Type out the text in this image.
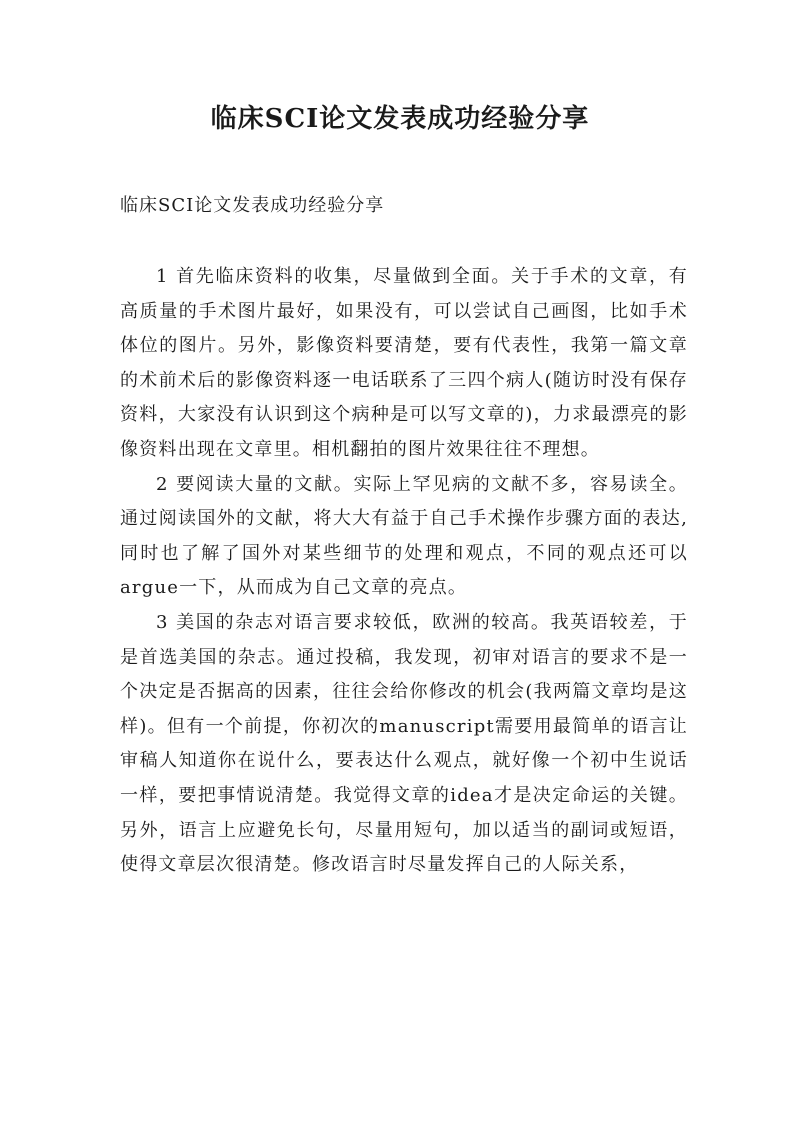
临床SCI论文发表成功经验分享

临床SCI论文发表成功经验分享

1 首先临床资料的收集，尽量做到全面。关于手术的文章，有高质量的手术图片最好，如果没有，可以尝试自己画图，比如手术体位的图片。另外，影像资料要清楚，要有代表性，我第一篇文章的术前术后的影像资料逐一电话联系了三四个病人(随访时没有保存资料，大家没有认识到这个病种是可以写文章的)，力求最漂亮的影像资料出现在文章里。相机翻拍的图片效果往往不理想。

2 要阅读大量的文献。实际上罕见病的文献不多，容易读全。通过阅读国外的文献，将大大有益于自己手术操作步骤方面的表达,同时也了解了国外对某些细节的处理和观点，不同的观点还可以argue一下，从而成为自己文章的亮点。

3 美国的杂志对语言要求较低，欧洲的较高。我英语较差，于是首选美国的杂志。通过投稿，我发现，初审对语言的要求不是一个决定是否据高的因素，往往会给你修改的机会(我两篇文章均是这样)。但有一个前提，你初次的manuscript需要用最简单的语言让审稿人知道你在说什么，要表达什么观点，就好像一个初中生说话一样，要把事情说清楚。我觉得文章的idea才是决定命运的关键。另外，语言上应避免长句，尽量用短句，加以适当的副词或短语，使得文章层次很清楚。修改语言时尽量发挥自己的人际关系，
